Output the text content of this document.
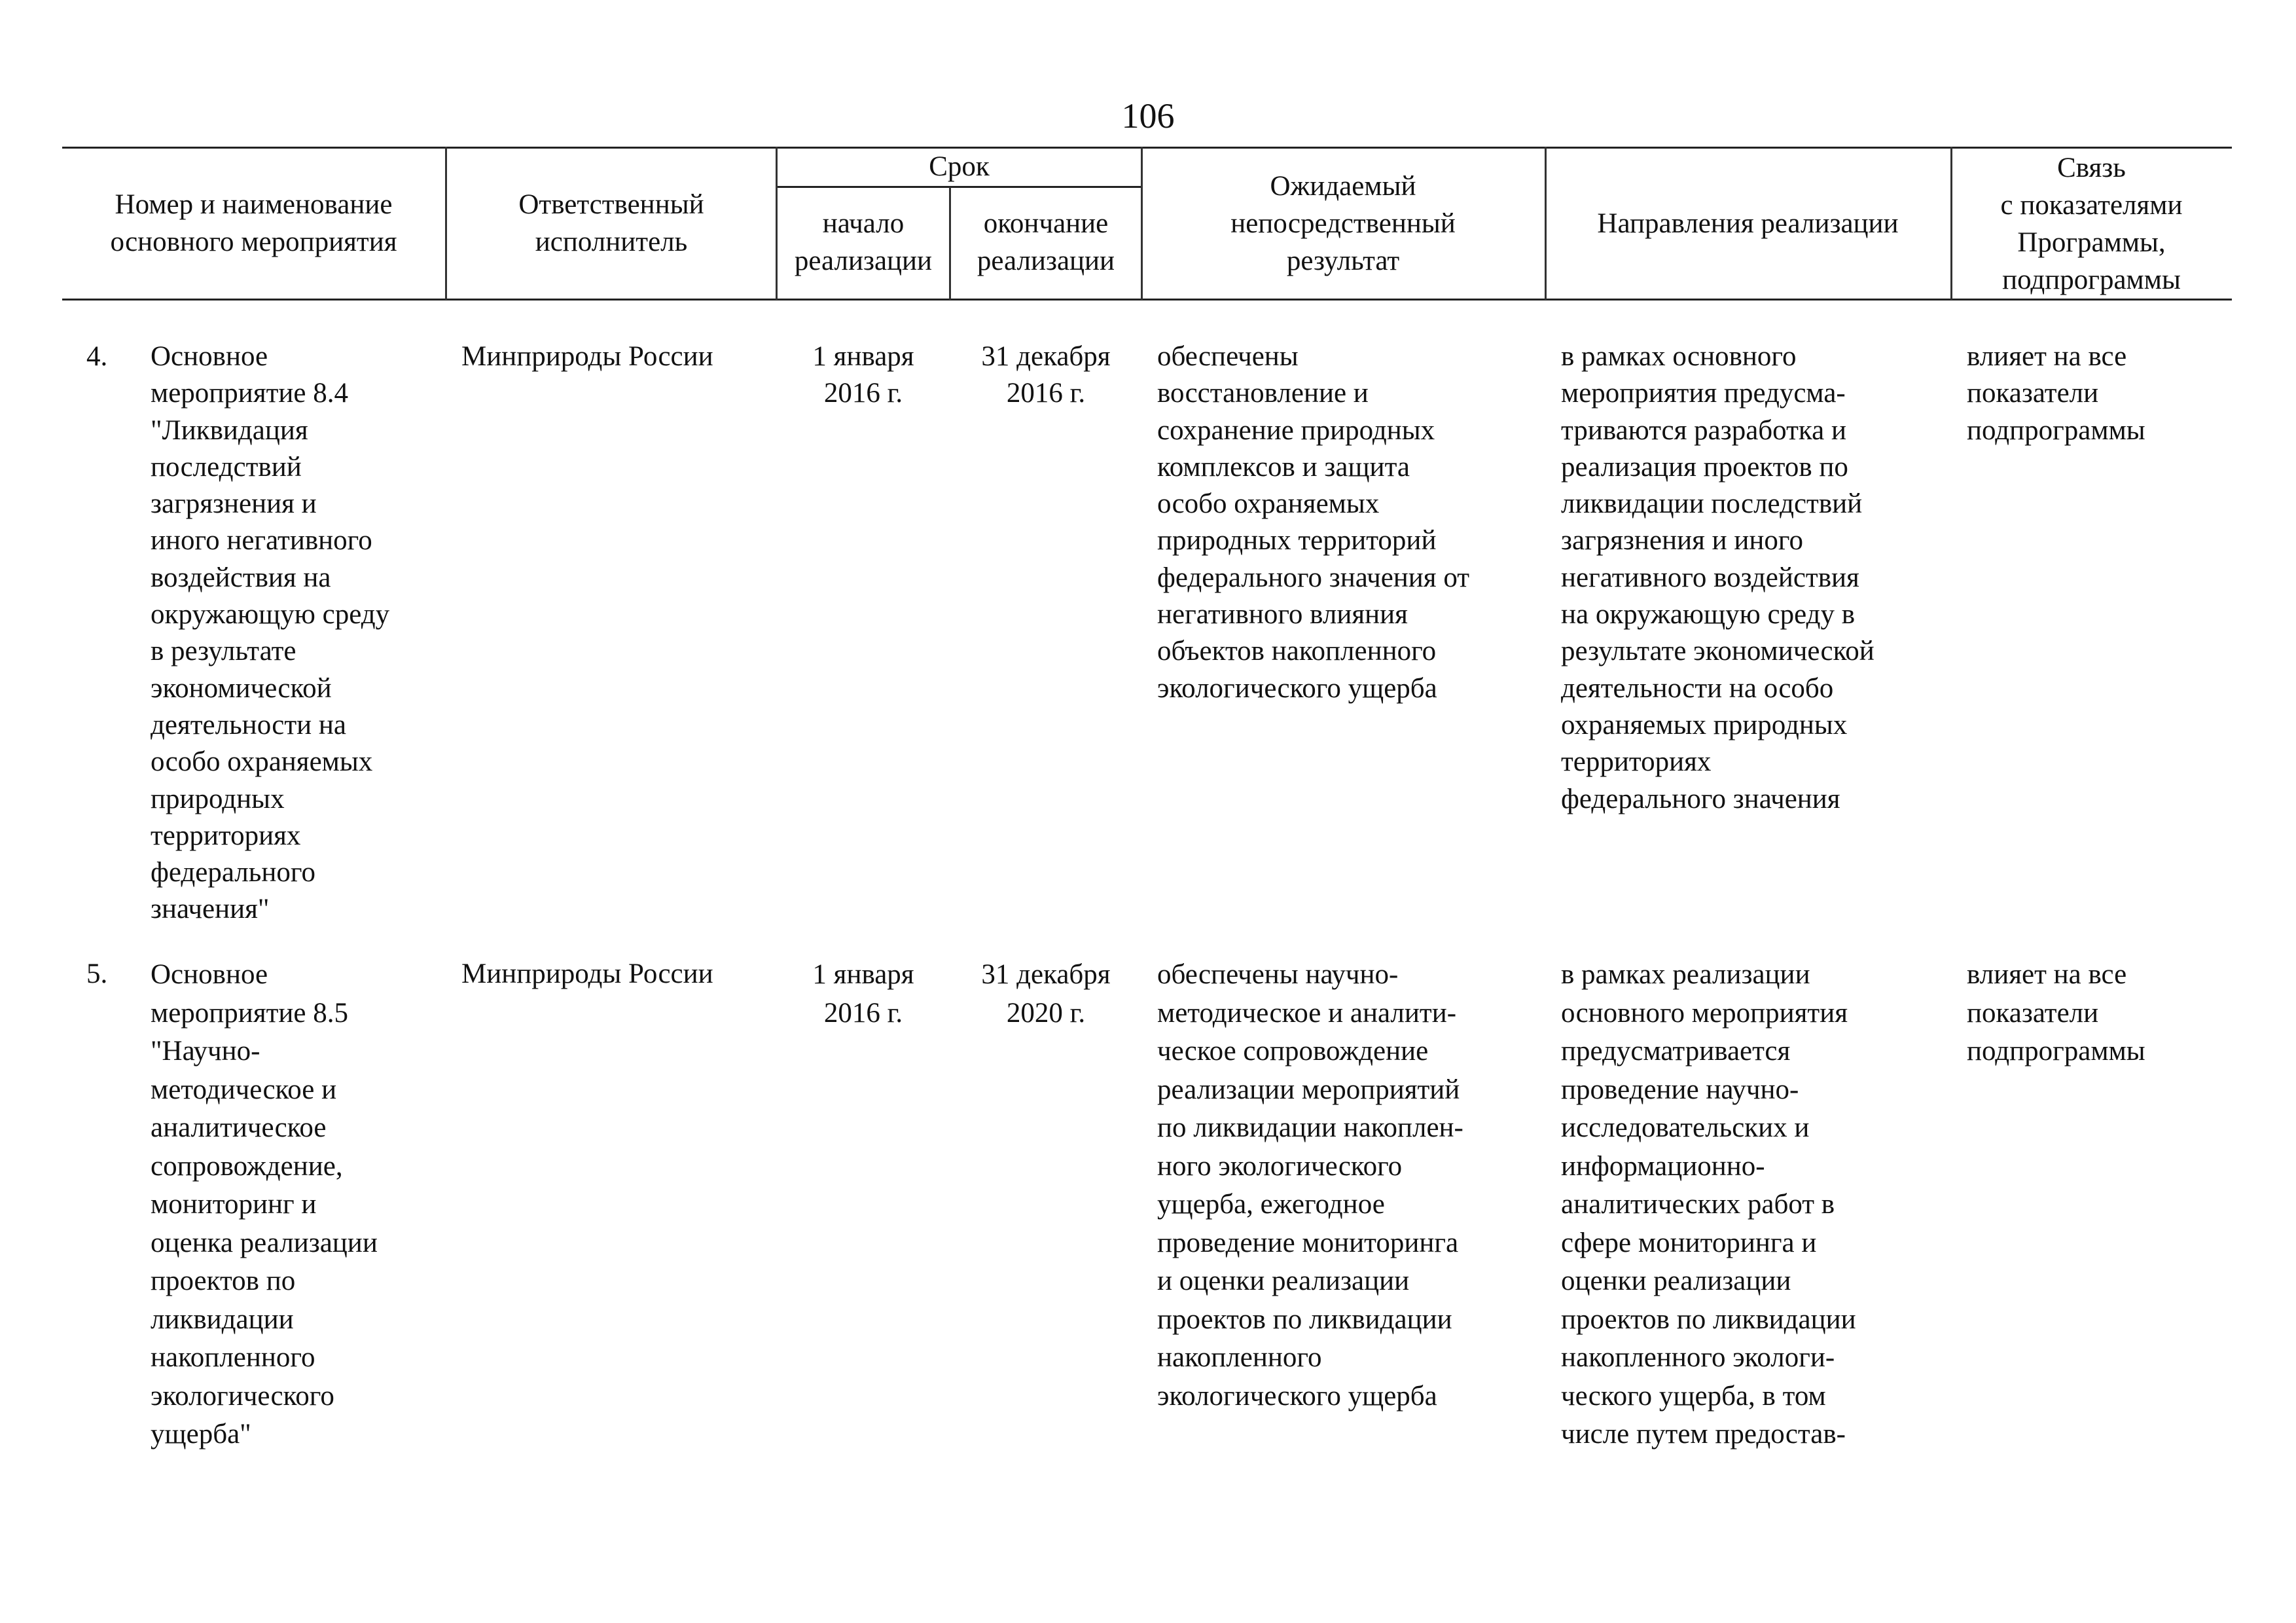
106
Номер и наименование
основного мероприятия
Ответственный
исполнитель
Срок
начало
реализации
окончание
реализации
Ожидаемый
непосредственный
результат
Направления реализации
Связь
с показателями
Программы,
подпрограммы
4. Основное
мероприятие 8.4
"Ликвидация
последствий
загрязнения и
иного негативного
воздействия на
окружающую среду
в результате
экономической
деятельности на
особо охраняемых
природных
территориях
федерального
значения"
Минприроды России	1 января
2016 г.
31 декабря
2016 г.
обеспечены
восстановление и
сохранение природных
комплексов и защита
особо охраняемых
природных территорий
федерального значения от
негативного влияния
объектов накопленного
экологического ущерба
в рамках основного
мероприятия предусма-
триваются разработка и
реализация проектов по
ликвидации последствий
загрязнения и иного
негативного воздействия
на окружающую среду в
результате экономической
деятельности на особо
охраняемых природных
территориях
федерального значения
влияет на все
показатели
подпрограммы
5. Основное
мероприятие 8.5
"Научно-
методическое и
аналитическое
сопровождение,
мониторинг и
оценка реализации
проектов по
ликвидации
накопленного
экологического
ущерба"
Минприроды России	1 января
2016 г.
31 декабря
2020 г.
обеспечены научно-
методическое и аналити-
ческое сопровождение
реализации мероприятий
по ликвидации накоплен-
ного экологического
ущерба, ежегодное
проведение мониторинга
и оценки реализации
проектов по ликвидации
накопленного
экологического ущерба
в рамках реализации
основного мероприятия
предусматривается
проведение научно-
исследовательских и
информационно-
аналитических работ в
сфере мониторинга и
оценки реализации
проектов по ликвидации
накопленного экологи-
ческого ущерба, в том
числе путем предостав-
влияет на все
показатели
подпрограммы
